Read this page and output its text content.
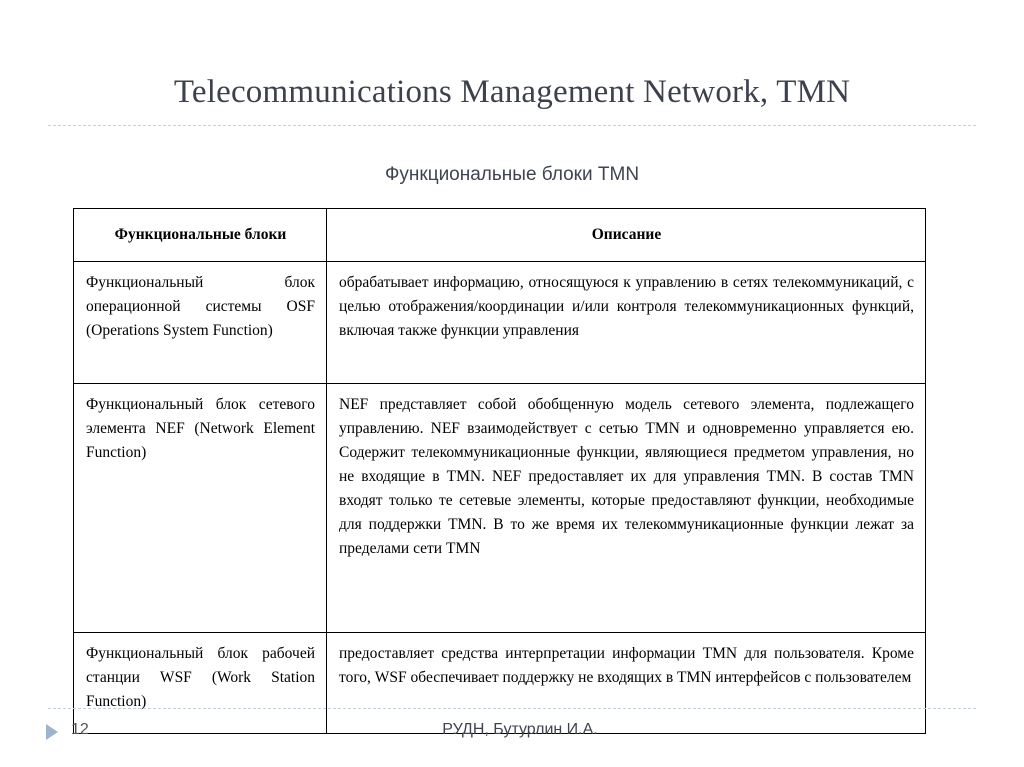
Telecommunications Management Network, TMN
Функциональные блоки TMN
Функциональные блоки	Описание
Функциональный блок операционной системы OSF (Operations System Function)	обрабатывает информацию, относящуюся к управлению в сетях телекоммуникаций, с целью отображения/координации и/или контроля телекоммуникационных функций, включая также функции управления
Функциональный блок сетевого элемента NEF (Network Element Function)	NEF представляет собой обобщенную модель сетевого элемента, подлежащего управлению. NEF взаимодействует с сетью TMN и одновременно управляется ею. Содержит телекоммуникационные функции, являющиеся предметом управления, но не входящие в TMN. NEF предоставляет их для управления TMN. В состав TMN входят только те сетевые элементы, которые предоставляют функции, необходимые для поддержки TMN. В то же время их телекоммуникационные функции лежат за пределами сети TMN
Функциональный блок рабочей станции WSF (Work Station Function)	предоставляет средства интерпретации информации TMN для пользователя. Кроме того, WSF обеспечивает поддержку не входящих в TMN интерфейсов с пользователем
12	РУДН, Бутурлин И.А.
